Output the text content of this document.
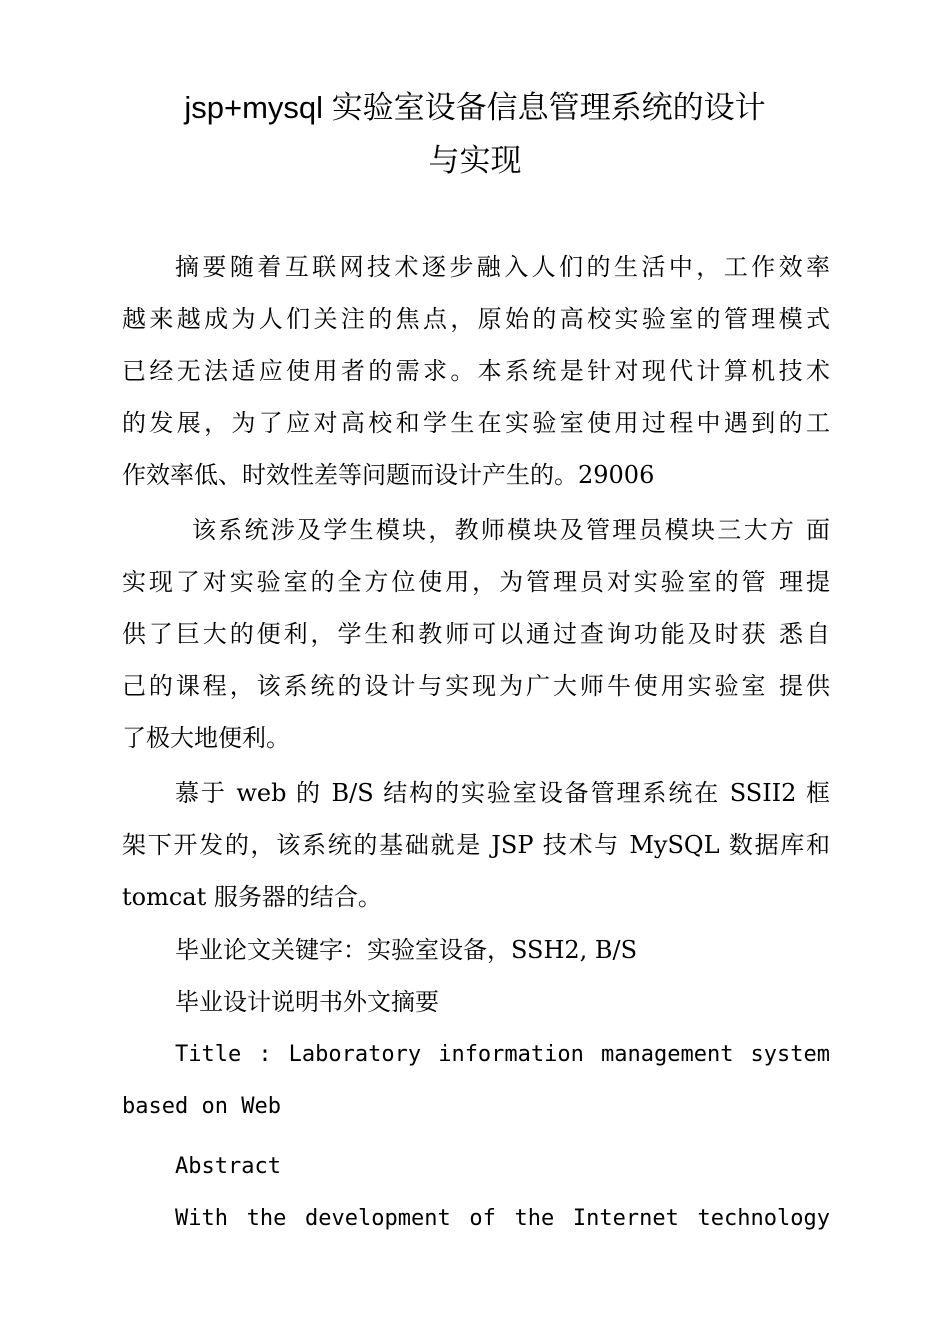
jsp+mysql 实验室设备信息管理系统的设计
与实现
摘要随着互联网技术逐步融入人们的生活中，工作效率
越来越成为人们关注的焦点，原始的高校实验室的管理模式
已经无法适应使用者的需求。本系统是针对现代计算机技术
的发展，为了应对高校和学生在实验室使用过程中遇到的工
作效率低、时效性差等问题而设计产生的。29006
该系统涉及学生模块，教师模块及管理员模块三大方 面
实现了对实验室的全方位使用，为管理员对实验室的管 理提
供了巨大的便利，学生和教师可以通过查询功能及时获 悉自
己的课程，该系统的设计与实现为广大师牛使用实验室 提供
了极大地便利。
慕于 web 的 B/S 结构的实验室设备管理系统在 SSII2 框
架下开发的，该系统的基础就是 JSP 技术与 MySQL 数据库和
tomcat 服务器的结合。
毕业论文关键字：实验室设备，SSH2, B/S
毕业设计说明书外文摘要
Title : Laboratory information management system
based on Web
Abstract
With the development of the Internet technology
